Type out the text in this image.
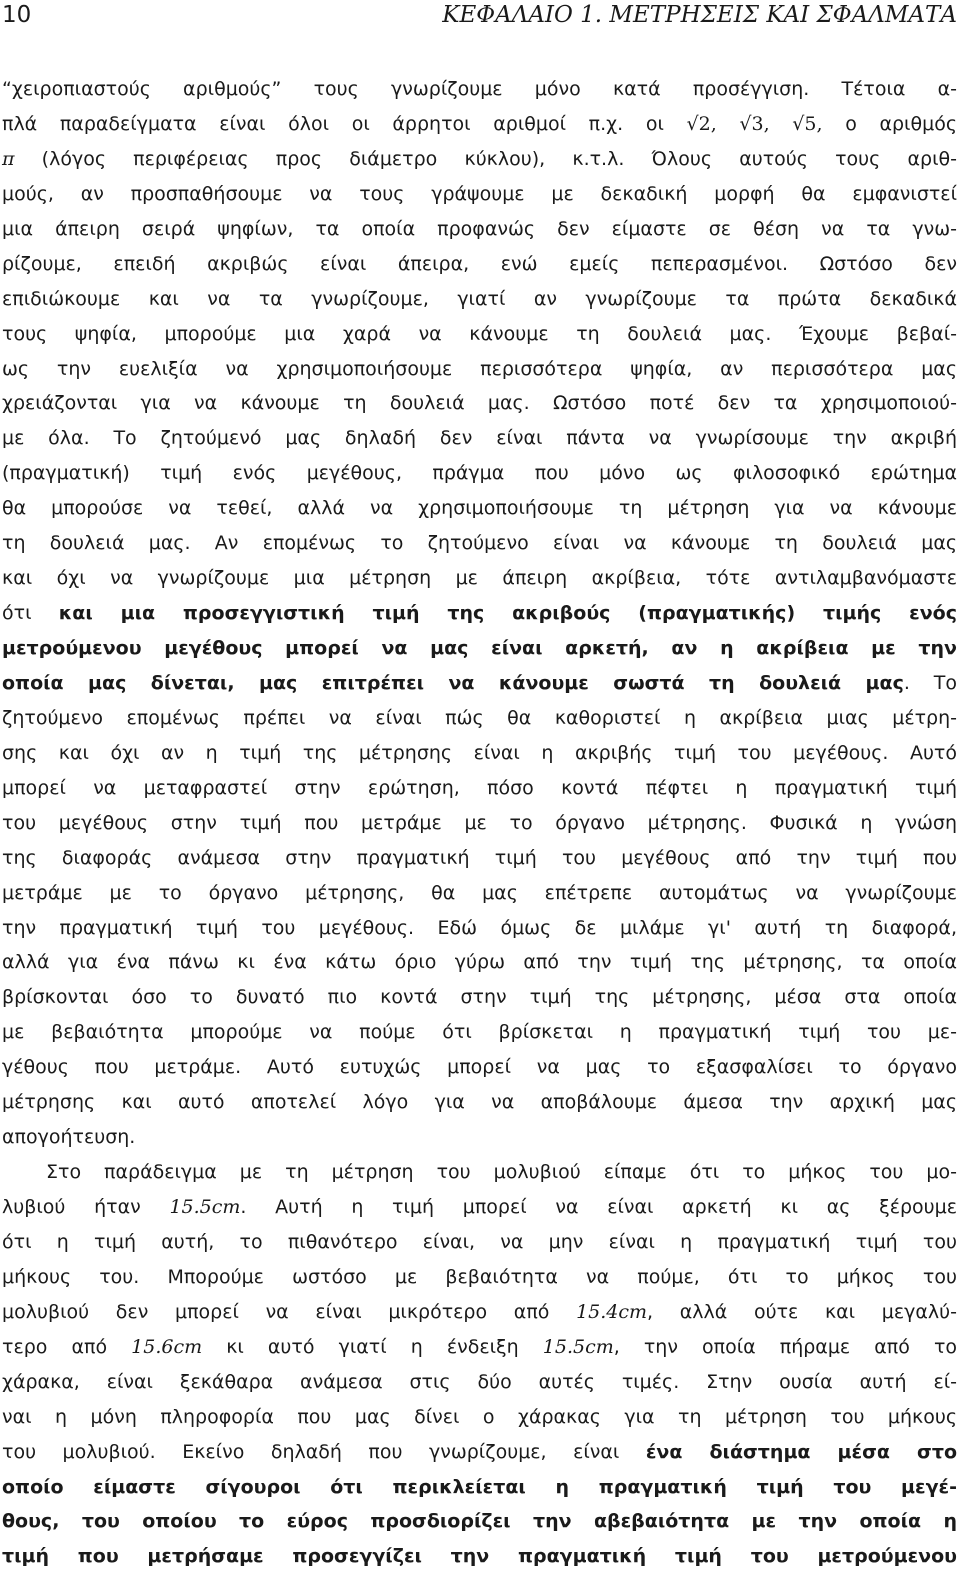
10	ΚΕΦΑΛΑΙΟ 1. ΜΕΤΡΗΣΕΙΣ ΚΑΙ ΣΦΑΛΜΑΤΑ
“χειροπιαστούς αριθμούς” τους γνωρίζουμε μόνο κατά προσέγγιση. Τέτοια α-
πλά παραδείγματα είναι όλοι οι άρρητοι αριθμοί π.χ. οι √2, √3, √5, ο αριθμός
π (λόγος περιφέρειας προς διάμετρο κύκλου), κ.τ.λ. Όλους αυτούς τους αριθ-
μούς, αν προσπαθήσουμε να τους γράψουμε με δεκαδική μορφή θα εμφανιστεί
μια άπειρη σειρά ψηφίων, τα οποία προφανώς δεν είμαστε σε θέση να τα γνω-
ρίζουμε, επειδή ακριβώς είναι άπειρα, ενώ εμείς πεπερασμένοι. Ωστόσο δεν
επιδιώκουμε και να τα γνωρίζουμε, γιατί αν γνωρίζουμε τα πρώτα δεκαδικά
τους ψηφία, μπορούμε μια χαρά να κάνουμε τη δουλειά μας. Έχουμε βεβαί-
ως την ευελιξία να χρησιμοποιήσουμε περισσότερα ψηφία, αν περισσότερα μας
χρειάζονται για να κάνουμε τη δουλειά μας. Ωστόσο ποτέ δεν τα χρησιμοποιού-
με όλα. Το ζητούμενό μας δηλαδή δεν είναι πάντα να γνωρίσουμε την ακριβή
(πραγματική) τιμή ενός μεγέθους, πράγμα που μόνο ως φιλοσοφικό ερώτημα
θα μπορούσε να τεθεί, αλλά να χρησιμοποιήσουμε τη μέτρηση για να κάνουμε
τη δουλειά μας. Αν επομένως το ζητούμενο είναι να κάνουμε τη δουλειά μας
και όχι να γνωρίζουμε μια μέτρηση με άπειρη ακρίβεια, τότε αντιλαμβανόμαστε
ότι και μια προσεγγιστική τιμή της ακριβούς (πραγματικής) τιμής ενός
μετρούμενου μεγέθους μπορεί να μας είναι αρκετή, αν η ακρίβεια με την
οποία μας δίνεται, μας επιτρέπει να κάνουμε σωστά τη δουλειά μας. Το
ζητούμενο επομένως πρέπει να είναι πώς θα καθοριστεί η ακρίβεια μιας μέτρη-
σης και όχι αν η τιμή της μέτρησης είναι η ακριβής τιμή του μεγέθους. Αυτό
μπορεί να μεταφραστεί στην ερώτηση, πόσο κοντά πέφτει η πραγματική τιμή
του μεγέθους στην τιμή που μετράμε με το όργανο μέτρησης. Φυσικά η γνώση
της διαφοράς ανάμεσα στην πραγματική τιμή του μεγέθους από την τιμή που
μετράμε με το όργανο μέτρησης, θα μας επέτρεπε αυτομάτως να γνωρίζουμε
την πραγματική τιμή του μεγέθους. Εδώ όμως δε μιλάμε γι' αυτή τη διαφορά,
αλλά για ένα πάνω κι ένα κάτω όριο γύρω από την τιμή της μέτρησης, τα οποία
βρίσκονται όσο το δυνατό πιο κοντά στην τιμή της μέτρησης, μέσα στα οποία
με βεβαιότητα μπορούμε να πούμε ότι βρίσκεται η πραγματική τιμή του με-
γέθους που μετράμε. Αυτό ευτυχώς μπορεί να μας το εξασφαλίσει το όργανο
μέτρησης και αυτό αποτελεί λόγο για να αποβάλουμε άμεσα την αρχική μας
απογοήτευση.
Στο παράδειγμα με τη μέτρηση του μολυβιού είπαμε ότι το μήκος του μο-
λυβιού ήταν 15.5cm. Αυτή η τιμή μπορεί να είναι αρκετή κι ας ξέρουμε
ότι η τιμή αυτή, το πιθανότερο είναι, να μην είναι η πραγματική τιμή του
μήκους του. Μπορούμε ωστόσο με βεβαιότητα να πούμε, ότι το μήκος του
μολυβιού δεν μπορεί να είναι μικρότερο από 15.4cm, αλλά ούτε και μεγαλύ-
τερο από 15.6cm κι αυτό γιατί η ένδειξη 15.5cm, την οποία πήραμε από το
χάρακα, είναι ξεκάθαρα ανάμεσα στις δύο αυτές τιμές. Στην ουσία αυτή εί-
ναι η μόνη πληροφορία που μας δίνει ο χάρακας για τη μέτρηση του μήκους
του μολυβιού. Εκείνο δηλαδή που γνωρίζουμε, είναι ένα διάστημα μέσα στο
οποίο είμαστε σίγουροι ότι περικλείεται η πραγματική τιμή του μεγέ-
θους, του οποίου το εύρος προσδιορίζει την αβεβαιότητα με την οποία η
τιμή που μετρήσαμε προσεγγίζει την πραγματική τιμή του μετρούμενου
